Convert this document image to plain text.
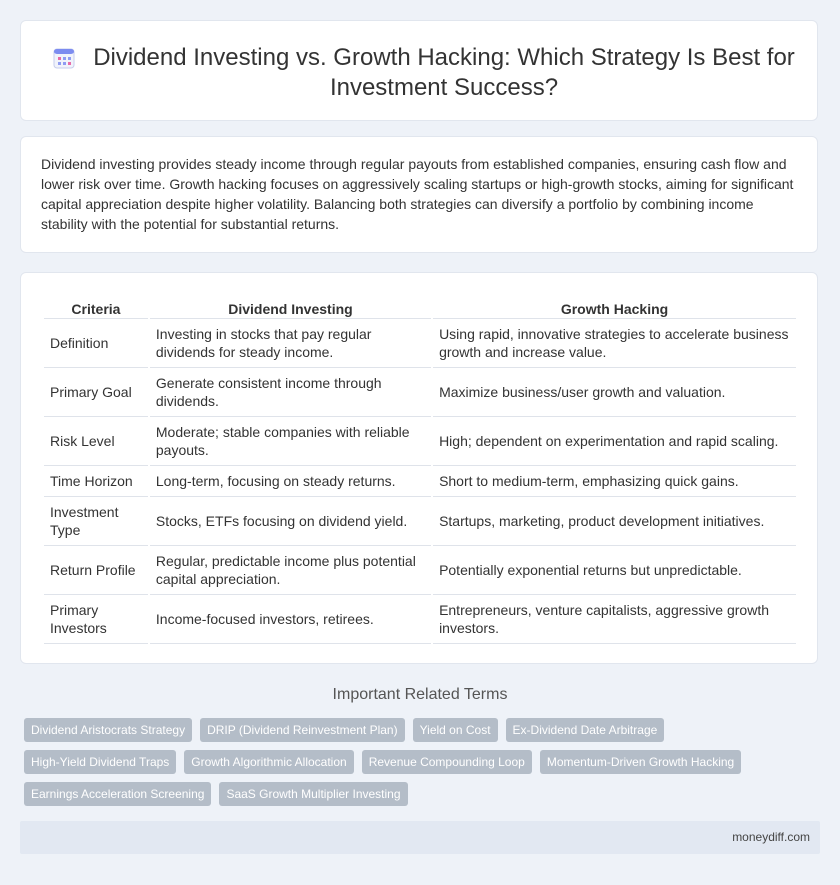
Dividend Investing vs. Growth Hacking: Which Strategy Is Best for Investment Success?

Dividend investing provides steady income through regular payouts from established companies, ensuring cash flow and lower risk over time. Growth hacking focuses on aggressively scaling startups or high-growth stocks, aiming for significant capital appreciation despite higher volatility. Balancing both strategies can diversify a portfolio by combining income stability with the potential for substantial returns.

Criteria	Dividend Investing	Growth Hacking
Definition	Investing in stocks that pay regular dividends for steady income.	Using rapid, innovative strategies to accelerate business growth and increase value.
Primary Goal	Generate consistent income through dividends.	Maximize business/user growth and valuation.
Risk Level	Moderate; stable companies with reliable payouts.	High; dependent on experimentation and rapid scaling.
Time Horizon	Long-term, focusing on steady returns.	Short to medium-term, emphasizing quick gains.
Investment Type	Stocks, ETFs focusing on dividend yield.	Startups, marketing, product development initiatives.
Return Profile	Regular, predictable income plus potential capital appreciation.	Potentially exponential returns but unpredictable.
Primary Investors	Income-focused investors, retirees.	Entrepreneurs, venture capitalists, aggressive growth investors.
Important Related Terms
Dividend Aristocrats Strategy	DRIP (Dividend Reinvestment Plan)	Yield on Cost	Ex-Dividend Date Arbitrage
High-Yield Dividend Traps	Growth Algorithmic Allocation	Revenue Compounding Loop	Momentum-Driven Growth Hacking
Earnings Acceleration Screening	SaaS Growth Multiplier Investing
moneydiff.com
